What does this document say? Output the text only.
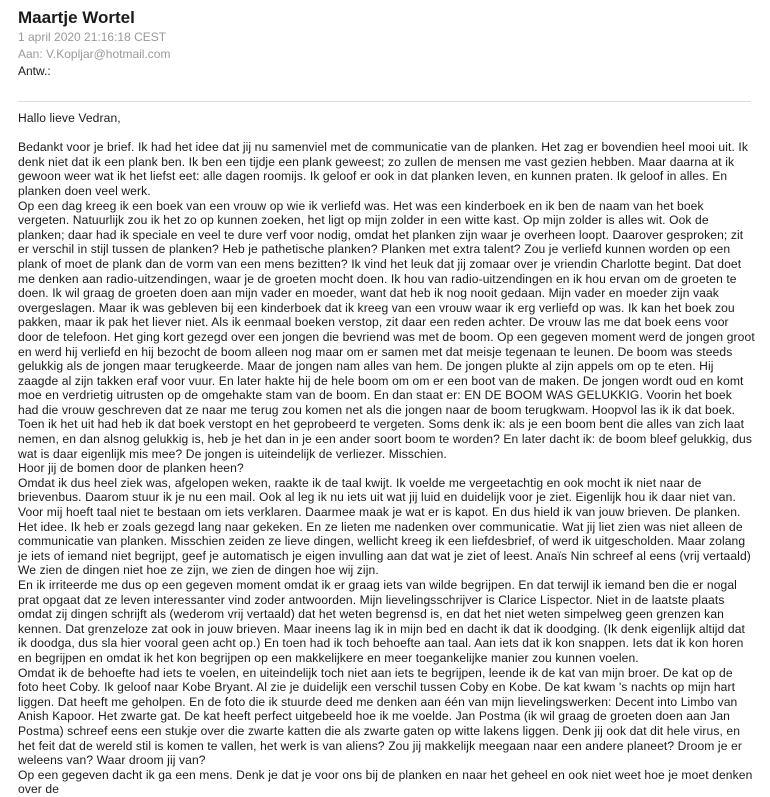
Maartje Wortel
1 april 2020 21:16:18 CEST
Aan: V.Kopljar@hotmail.com
Antw.:

Hallo lieve Vedran,

Bedankt voor je brief. Ik had het idee dat jij nu samenviel met de communicatie van de planken. Het zag er bovendien heel mooi uit. Ik denk niet dat ik een plank ben. Ik ben een tijdje een plank geweest; zo zullen de mensen me vast gezien hebben. Maar daarna at ik gewoon weer wat ik het liefst eet: alle dagen roomijs. Ik geloof er ook in dat planken leven, en kunnen praten. Ik geloof in alles. En planken doen veel werk.

Op een dag kreeg ik een boek van een vrouw op wie ik verliefd was. Het was een kinderboek en ik ben de naam van het boek vergeten. Natuurlijk zou ik het zo op kunnen zoeken, het ligt op mijn zolder in een witte kast. Op mijn zolder is alles wit. Ook de planken; daar had ik speciale en veel te dure verf voor nodig, omdat het planken zijn waar je overheen loopt. Daarover gesproken; zit er verschil in stijl tussen de planken? Heb je pathetische planken? Planken met extra talent? Zou je verliefd kunnen worden op een plank of moet de plank dan de vorm van een mens bezitten? Ik vind het leuk dat jij zomaar over je vriendin Charlotte begint. Dat doet me denken aan radio-uitzendingen, waar je de groeten mocht doen. Ik hou van radio-uitzendingen en ik hou ervan om de groeten te doen. Ik wil graag de groeten doen aan mijn vader en moeder, want dat heb ik nog nooit gedaan. Mijn vader en moeder zijn vaak overgeslagen. Maar ik was gebleven bij een kinderboek dat ik kreeg van een vrouw waar ik erg verliefd op was. Ik kan het boek zou pakken, maar ik pak het liever niet. Als ik eenmaal boeken verstop, zit daar een reden achter. De vrouw las me dat boek eens voor door de telefoon. Het ging kort gezegd over een jongen die bevriend was met de boom. Op een gegeven moment werd de jongen groot en werd hij verliefd en hij bezocht de boom alleen nog maar om er samen met dat meisje tegenaan te leunen. De boom was steeds gelukkig als de jongen maar terugkeerde. Maar de jongen nam alles van hem. De jongen plukte al zijn appels om op te eten. Hij zaagde al zijn takken eraf voor vuur. En later hakte hij de hele boom om om er een boot van de maken. De jongen wordt oud en komt moe en verdrietig uitrusten op de omgehakte stam van de boom. En dan staat er: EN DE BOOM WAS GELUKKIG. Voorin het boek had die vrouw geschreven dat ze naar me terug zou komen net als die jongen naar de boom terugkwam. Hoopvol las ik ik dat boek. Toen ik het uit had heb ik dat boek verstopt en het geprobeerd te vergeten. Soms denk ik: als je een boom bent die alles van zich laat nemen, en dan alsnog gelukkig is, heb je het dan in je een ander soort boom te worden? En later dacht ik: de boom bleef gelukkig, dus wat is daar eigenlijk mis mee? De jongen is uiteindelijk de verliezer. Misschien.

Hoor jij de bomen door de planken heen?

Omdat ik dus heel ziek was, afgelopen weken, raakte ik de taal kwijt. Ik voelde me vergeetachtig en ook mocht ik niet naar de brievenbus. Daarom stuur ik je nu een mail. Ook al leg ik nu iets uit wat jij luid en duidelijk voor je ziet. Eigenlijk hou ik daar niet van. Voor mij hoeft taal niet te bestaan om iets verklaren. Daarmee maak je wat er is kapot. En dus hield ik van jouw brieven. De planken. Het idee. Ik heb er zoals gezegd lang naar gekeken. En ze lieten me nadenken over communicatie. Wat jij liet zien was niet alleen de communicatie van planken. Misschien zeiden ze lieve dingen, wellicht kreeg ik een liefdesbrief, of werd ik uitgescholden. Maar zolang je iets of iemand niet begrijpt, geef je automatisch je eigen invulling aan dat wat je ziet of leest. Anaïs Nin schreef al eens (vrij vertaald) We zien de dingen niet hoe ze zijn, we zien de dingen hoe wij zijn.

En ik irriteerde me dus op een gegeven moment omdat ik er graag iets van wilde begrijpen. En dat terwijl ik iemand ben die er nogal prat opgaat dat ze leven interessanter vind zoder antwoorden. Mijn lievelingsschrijver is Clarice Lispector. Niet in de laatste plaats omdat zij dingen schrijft als (wederom vrij vertaald) dat het weten begrensd is, en dat het niet weten simpelweg geen grenzen kan kennen. Dat grenzeloze zat ook in jouw brieven. Maar ineens lag ik in mijn bed en dacht ik dat ik doodging. (Ik denk eigenlijk altijd dat ik doodga, dus sla hier vooral geen acht op.) En toen had ik toch behoefte aan taal. Aan iets dat ik kon snappen. Iets dat ik kon horen en begrijpen en omdat ik het kon begrijpen op een makkelijkere en meer toegankelijke manier zou kunnen voelen.

Omdat ik de behoefte had iets te voelen, en uiteindelijk toch niet aan iets te begrijpen, leende ik de kat van mijn broer. De kat op de foto heet Coby. Ik geloof naar Kobe Bryant. Al zie je duidelijk een verschil tussen Coby en Kobe. De kat kwam 's nachts op mijn hart liggen. Dat heeft me geholpen. En de foto die ik stuurde deed me denken aan één van mijn lievelingswerken: Decent into Limbo van Anish Kapoor. Het zwarte gat. De kat heeft perfect uitgebeeld hoe ik me voelde. Jan Postma (ik wil graag de groeten doen aan Jan Postma) schreef eens een stukje over die zwarte katten die als zwarte gaten op witte lakens liggen. Denk jij ook dat dit hele virus, en het feit dat de wereld stil is komen te vallen, het werk is van aliens? Zou jij makkelijk meegaan naar een andere planeet? Droom je er weleens van? Waar droom jij van?

Op een gegeven dacht ik ga een mens. Denk je dat je voor ons bij de planken en naar het geheel en ook niet weet hoe je moet denken over de
